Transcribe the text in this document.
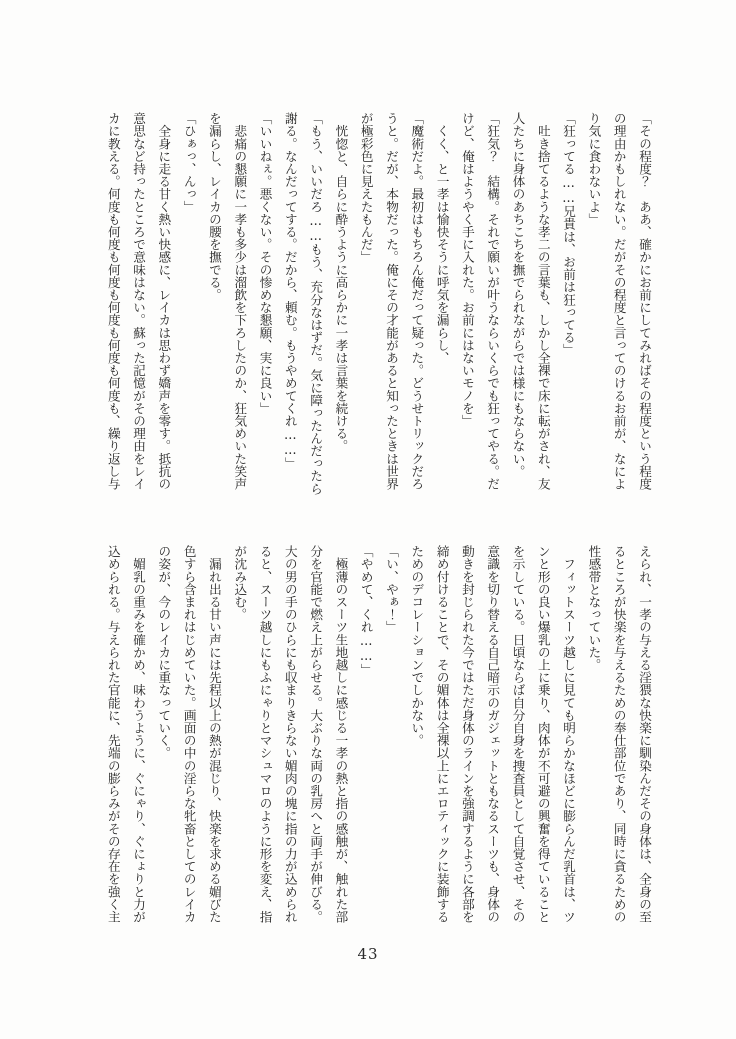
「その程度？　ああ、確かにお前にしてみればその程度という程度

の理由かもしれない。だがその程度と言ってのけるお前が、なによ

り気に食わないよ」

「狂ってる……兄貴は、お前は狂ってる」

　吐き捨てるような孝二の言葉も、しかし全裸で床に転がされ、友

人たちに身体のあちこちを撫でられながらでは様にもならない。

「狂気？　結構。それで願いが叶うならいくらでも狂ってやる。だ

けど、俺はようやく手に入れた。お前にはないモノを」

　くく、と一孝は愉快そうに呼気を漏らし、

「魔術だよ。最初はもちろん俺だって疑った。どうせトリックだろ

うと。だが、本物だった。俺にその才能があると知ったときは世界

が極彩色に見えたもんだ」

　恍惚と、自らに酔うように高らかに一孝は言葉を続ける。

「もう、いいだろ……もう、充分なはずだ。気に障ったんだったら

謝る。なんだってする。だから、頼む。もうやめてくれ……」

「いいねぇ。悪くない。その惨めな懇願、実に良い」

　悲痛の懇願に一孝も多少は溜飲を下ろしたのか、狂気めいた笑声

を漏らし、レイカの腰を撫でる。

「ひぁっ、んっ」

　全身に走る甘く熱い快感に、レイカは思わず嬌声を零す。抵抗の

意思など持ったところで意味はない。蘇った記憶がその理由をレイ

カに教える。何度も何度も何度も何度も何度も何度も、繰り返し与

えられ、一孝の与える淫猥な快楽に馴染んだその身体は、全身の至

るところが快楽を与えるための奉仕部位であり、同時に貪るための

性感帯となっていた。

　フィットスーツ越しに見ても明らかなほどに膨らんだ乳首は、ツ

ンと形の良い爆乳の上に乗り、肉体が不可避の興奮を得ていること

を示している。日頃ならば自分自身を捜査員として自覚させ、その

意識を切り替える自己暗示のガジェットともなるスーツも、身体の

動きを封じられた今ではただ身体のラインを強調するように各部を

締め付けることで、その媚体は全裸以上にエロティックに装飾する

ためのデコレーションでしかない。

「い、やぁ！」

「やめて、くれ……」

　極薄のスーツ生地越しに感じる一孝の熱と指の感触が、触れた部

分を官能で燃え上がらせる。大ぶりな両の乳房へと両手が伸びる。

大の男の手のひらにも収まりきらない媚肉の塊に指の力が込められ

ると、スーツ越しにもふにゃりとマシュマロのように形を変え、指

が沈み込む。

　漏れ出る甘い声には先程以上の熱が混じり、快楽を求める媚びた

色すら含まれはじめていた。画面の中の淫らな牝畜としてのレイカ

の姿が、今のレイカに重なっていく。

　媚乳の重みを確かめ、味わうように、ぐにゃり、ぐにょりと力が

込められる。与えられた官能に、先端の膨らみがその存在を強く主

43
